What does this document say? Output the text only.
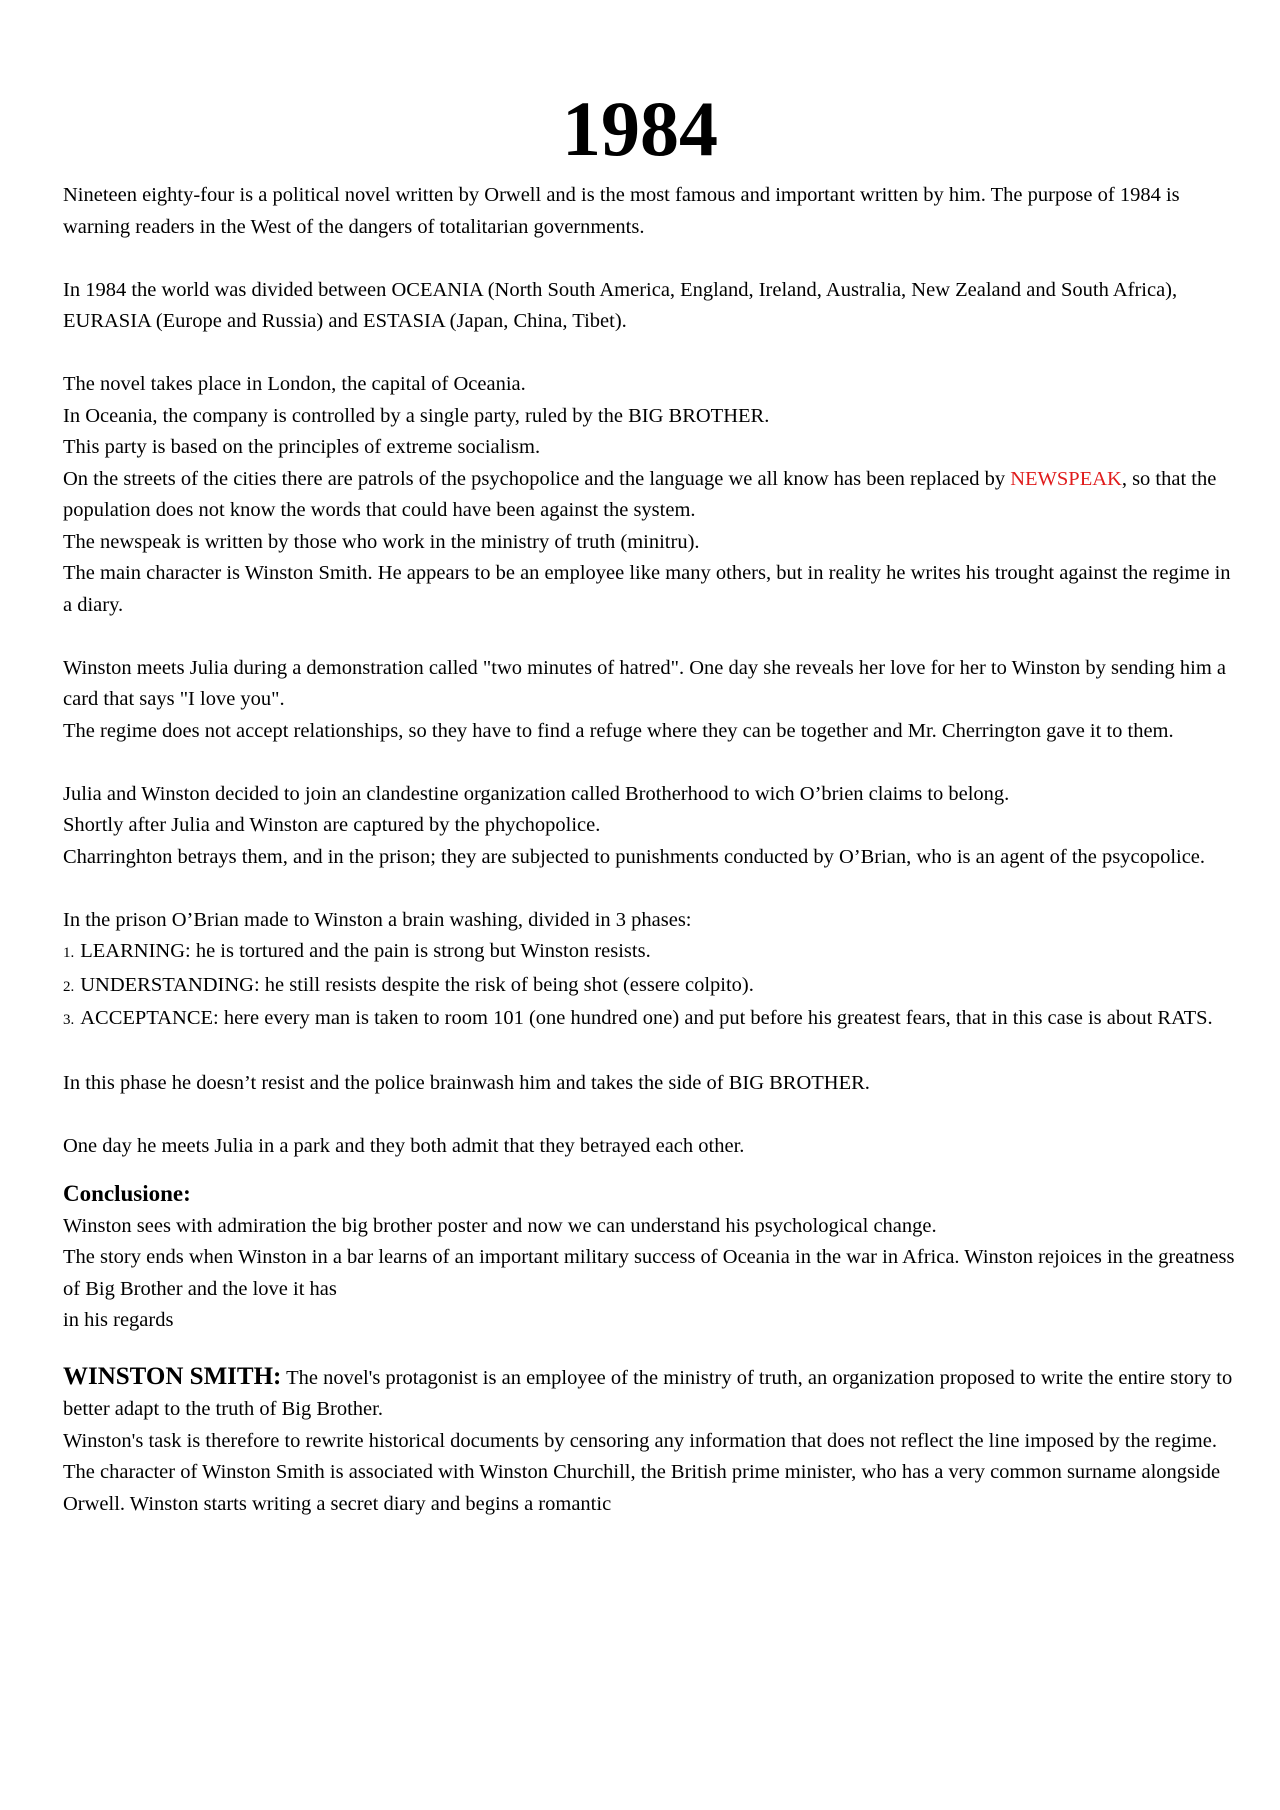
1984

Nineteen eighty-four is a political novel written by Orwell and is the most famous and important written by him. The purpose of 1984 is warning readers in the West of the dangers of totalitarian governments.

In 1984 the world was divided between OCEANIA (North South America, England, Ireland, Australia, New Zealand and South Africa), EURASIA (Europe and Russia) and ESTASIA (Japan, China, Tibet).

The novel takes place in London, the capital of Oceania.

In Oceania, the company is controlled by a single party, ruled by the BIG BROTHER.

This party is based on the principles of extreme socialism.

On the streets of the cities there are patrols of the psychopolice and the language we all know has been replaced by NEWSPEAK, so that the population does not know the words that could have been against the system.

The newspeak is written by those who work in the ministry of truth (minitru).

The main character is Winston Smith. He appears to be an employee like many others, but in reality he writes his trought against the regime in a diary.

Winston meets Julia during a demonstration called "two minutes of hatred". One day she reveals her love for her to Winston by sending him a card that says "I love you".

The regime does not accept relationships, so they have to find a refuge where they can be together and Mr. Cherrington gave it to them.

Julia and Winston decided to join an clandestine organization called Brotherhood to wich O’brien claims to belong.

Shortly after Julia and Winston are captured by the phychopolice.

Charringhton betrays them, and in the prison; they are subjected to punishments conducted by O’Brian, who is an agent of the psycopolice.

In the prison O’Brian made to Winston a brain washing, divided in 3 phases:

1. LEARNING: he is tortured and the pain is strong but Winston resists.

2. UNDERSTANDING: he still resists despite the risk of being shot (essere colpito).

3. ACCEPTANCE: here every man is taken to room 101 (one hundred one) and put before his greatest fears, that in this case is about RATS.

In this phase he doesn’t resist and the police brainwash him and takes the side of BIG BROTHER.

One day he meets Julia in a park and they both admit that they betrayed each other.

Conclusione:

Winston sees with admiration the big brother poster and now we can understand his psychological change.

The story ends when Winston in a bar learns of an important military success of Oceania in the war in Africa. Winston rejoices in the greatness of Big Brother and the love it has

in his regards

WINSTON SMITH: The novel's protagonist is an employee of the ministry of truth, an organization proposed to write the entire story to better adapt to the truth of Big Brother.

Winston's task is therefore to rewrite historical documents by censoring any information that does not reflect the line imposed by the regime. The character of Winston Smith is associated with Winston Churchill, the British prime minister, who has a very common surname alongside Orwell. Winston starts writing a secret diary and begins a romantic
